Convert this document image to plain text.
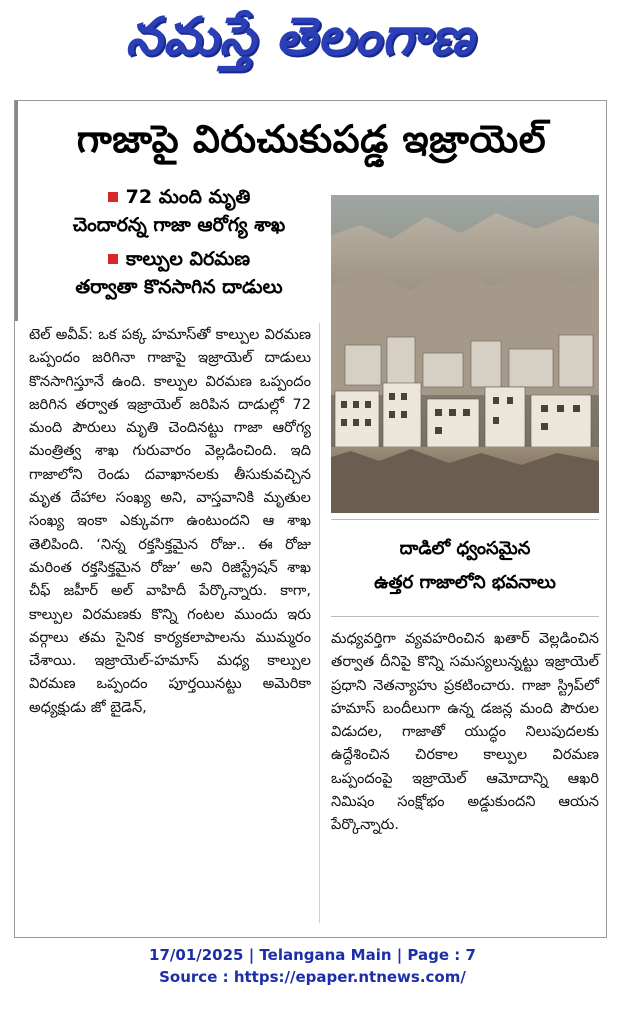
నమస్తే తెలంగాణ
గాజాపై విరుచుకుపడ్డ ఇజ్రాయెల్
72 మంది మృతి
చెందారన్న గాజా ఆరోగ్య శాఖ
కాల్పుల విరమణ
తర్వాతా కొనసాగిన దాడులు
దాడిలో ధ్వంసమైన
ఉత్తర గాజాలోని భవనాలు

టెల్ అవీవ్: ఒక పక్క హమాస్‌తో కాల్పుల విరమణ ఒప్పందం జరిగినా గాజాపై ఇజ్రాయెల్ దాడులు కొనసాగిస్తూనే ఉంది. కాల్పుల విరమణ ఒప్పందం జరిగిన తర్వాత ఇజ్రాయెల్ జరిపిన దాడుల్లో 72 మంది పౌరులు మృతి చెందినట్టు గాజా ఆరోగ్య మంత్రిత్వ శాఖ గురువారం వెల్లడించింది. ఇది గాజాలోని రెండు దవాఖానలకు తీసుకువచ్చిన మృత దేహాల సంఖ్య అని, వాస్తవానికి మృతుల సంఖ్య ఇంకా ఎక్కువగా ఉంటుందని ఆ శాఖ తెలిపింది. ‘నిన్న రక్తసిక్తమైన రోజు.. ఈ రోజు మరింత రక్తసిక్తమైన రోజు’ అని రిజిస్ట్రేషన్ శాఖ చీఫ్ జహీర్ అల్ వాహిదీ పేర్కొన్నారు. కాగా, కాల్పుల విరమణకు కొన్ని గంటల ముందు ఇరు వర్గాలు తమ సైనిక కార్యకలాపాలను ముమ్మరం చేశాయి. ఇజ్రాయెల్-హమాస్ మధ్య కాల్పుల విరమణ ఒప్పందం పూర్తయినట్టు అమెరికా అధ్యక్షుడు జో బైడెన్,

మధ్యవర్తిగా వ్యవహరించిన ఖతార్ వెల్లడించిన తర్వాత దీనిపై కొన్ని సమస్యలున్నట్టు ఇజ్రాయెల్ ప్రధాని నెతన్యాహు ప్రకటించారు. గాజా స్ట్రిప్‌లో హమాస్ బందీలుగా ఉన్న డజన్ల మంది పౌరుల విడుదల, గాజాతో యుద్ధం నిలుపుదలకు ఉద్దేశించిన చిరకాల కాల్పుల విరమణ ఒప్పందంపై ఇజ్రాయెల్ ఆమోదాన్ని ఆఖరి నిమిషం సంక్షోభం అడ్డుకుందని ఆయన పేర్కొన్నారు.

17/01/2025 | Telangana Main | Page : 7
Source : https://epaper.ntnews.com/
